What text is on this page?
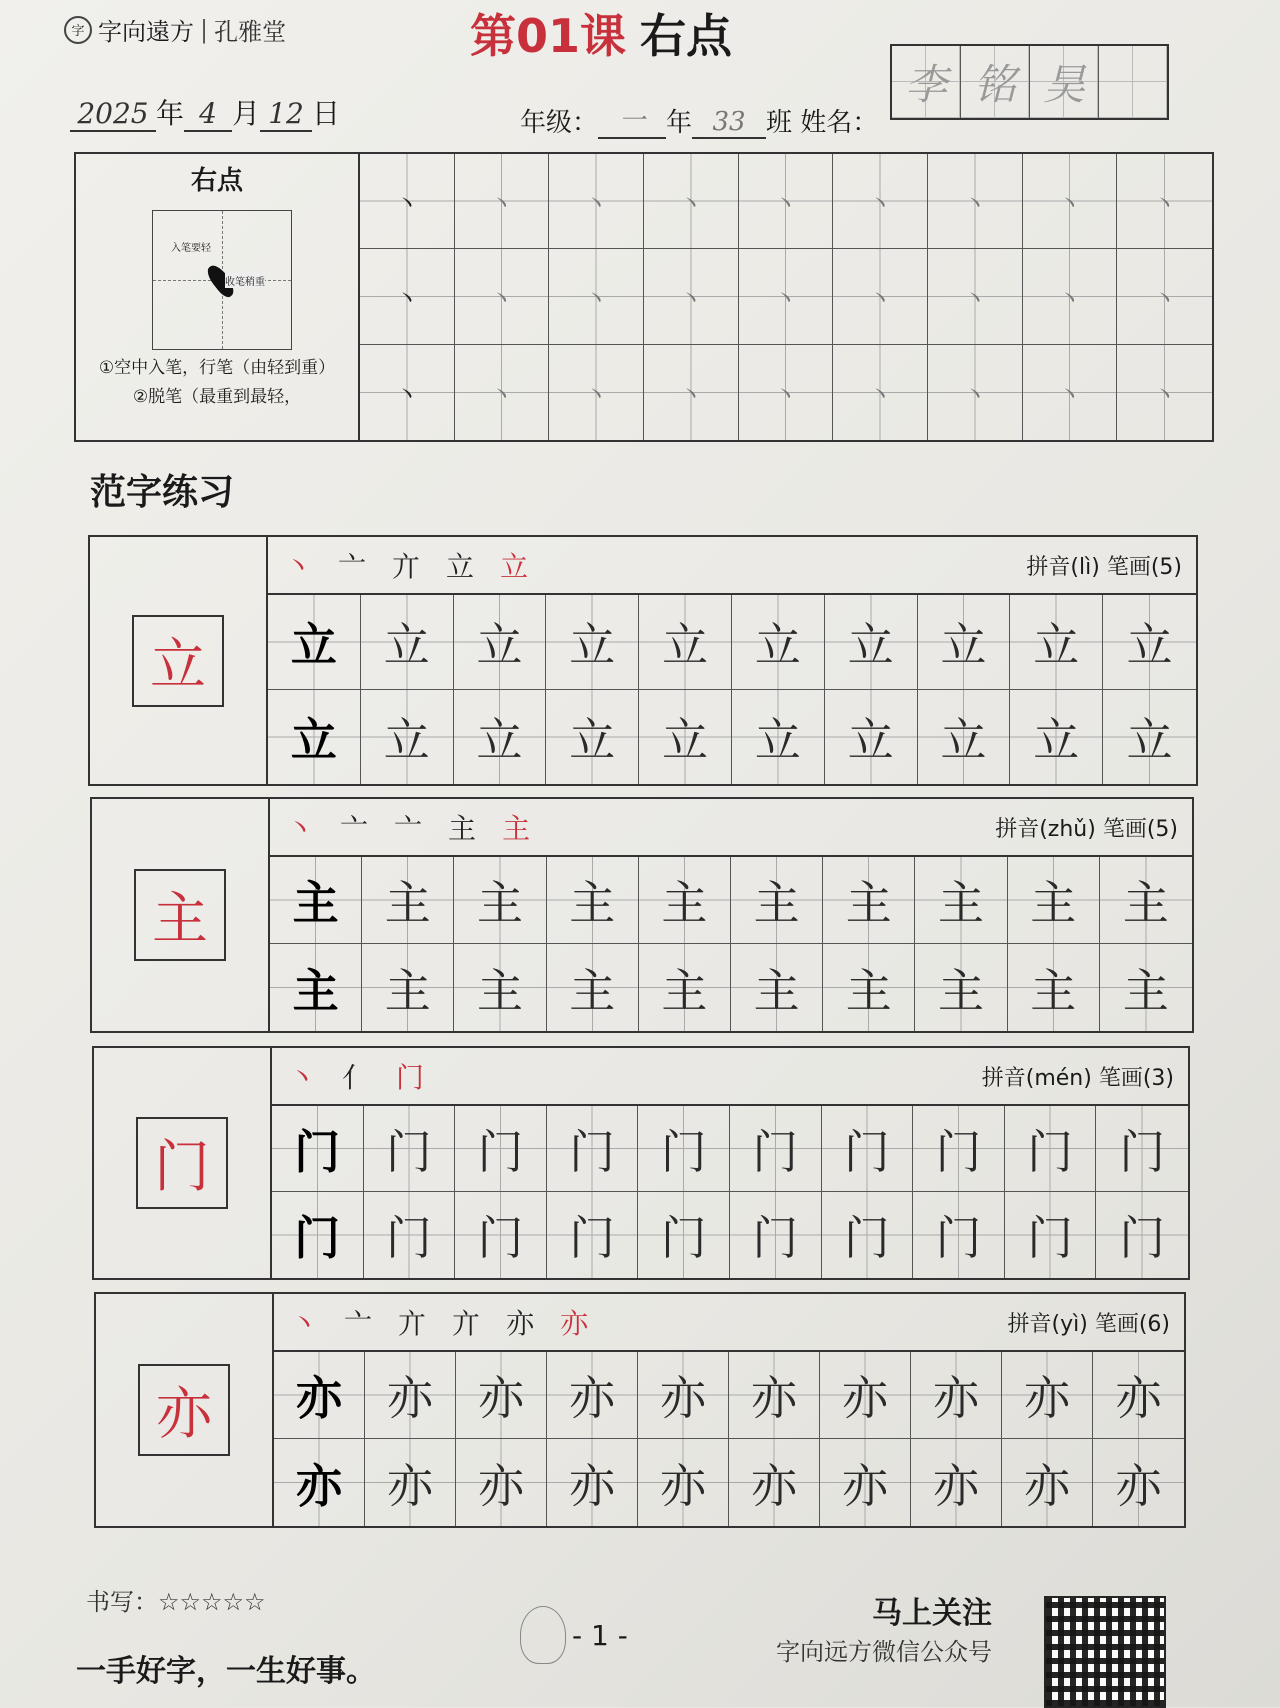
字 字向遠方 | 孔雅堂	第01课 右点
2025 年 4 月 12 日	年级： 一 年 33 班 姓名：
李 铭 昊
右点
入笔要轻
收笔稍重
①空中入笔，行笔（由轻到重）
②脱笔（最重到最轻，
丶	丶	丶	丶	丶	丶	丶	丶	丶
丶	丶	丶	丶	丶	丶	丶	丶	丶
丶	丶	丶	丶	丶	丶	丶	丶	丶
范字练习
立
丶 亠 亣 立 立	拼音(lì) 笔画(5)
立	立	立	立	立	立	立	立	立	立
立	立	立	立	立	立	立	立	立	立
主
丶 亠 亠 主 主	拼音(zhǔ) 笔画(5)
主	主	主	主	主	主	主	主	主	主
主	主	主	主	主	主	主	主	主	主
门
丶 亻 门	拼音(mén) 笔画(3)
门 门 门 门 门 门 门 门 门	门
门 门 门 门 门 门 门 门 门	门
亦
丶 亠 亣 亣 亦 亦	拼音(yì) 笔画(6)
亦 亦 亦 亦 亦 亦 亦 亦 亦 亦
亦 亦 亦 亦 亦 亦 亦 亦 亦 亦
书写：☆☆☆☆☆
一手好字，一生好事。
- 1 -
马上关注
字向远方微信公众号
